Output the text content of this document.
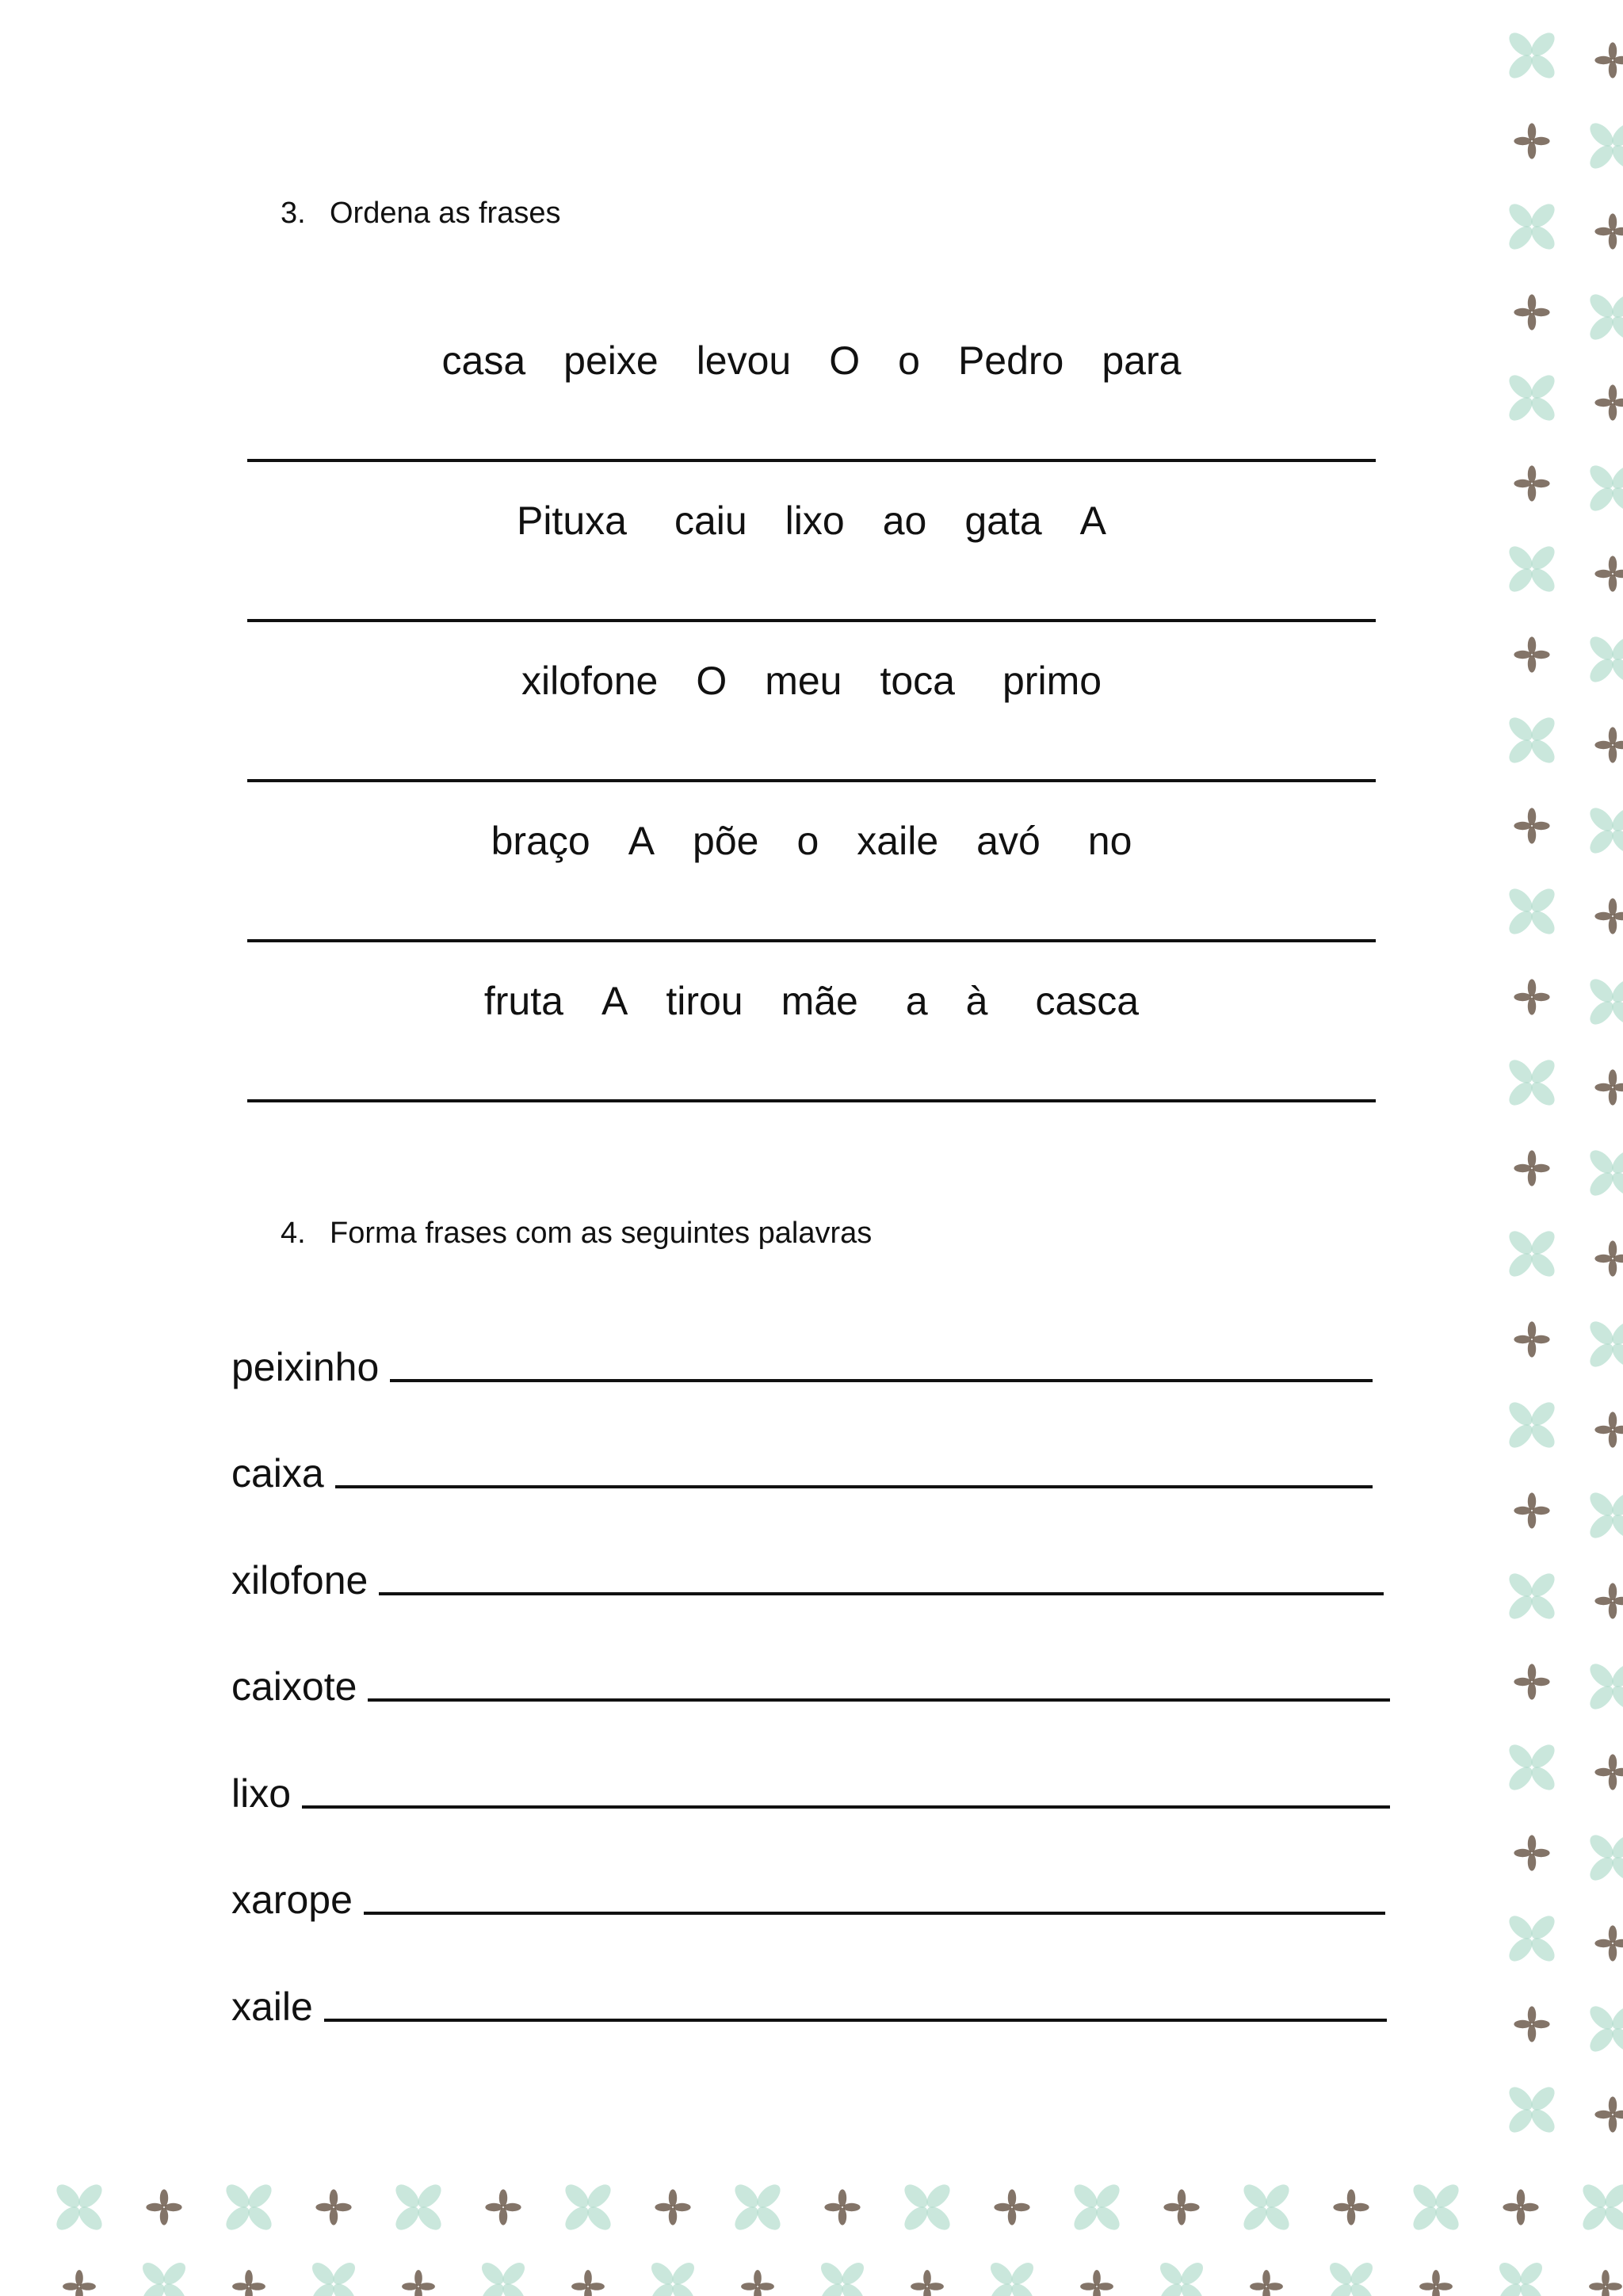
3. Ordena as frases
casa peixe levou O o Pedro para
Pituxa caiu lixo ao gata A
xilofone O meu toca primo
braço A põe o xaile avó no
fruta A tirou mãe a à casca
4. Forma frases com as seguintes palavras
peixinho
caixa
xilofone
caixote
lixo
xarope
xaile
